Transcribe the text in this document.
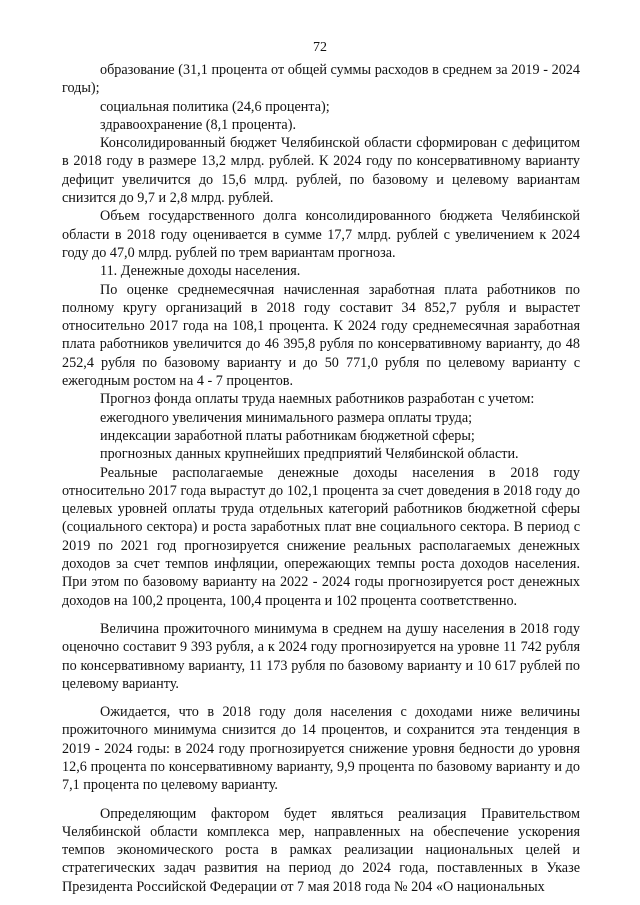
72

образование (31,1 процента от общей суммы расходов в среднем за 2019 - 2024 годы);

социальная политика (24,6 процента);

здравоохранение (8,1 процента).

Консолидированный бюджет Челябинской области сформирован с дефицитом в 2018 году в размере 13,2 млрд. рублей. К 2024 году по консервативному варианту дефицит увеличится до 15,6 млрд. рублей, по базовому и целевому вариантам снизится до 9,7 и 2,8 млрд. рублей.

Объем государственного долга консолидированного бюджета Челябинской области в 2018 году оценивается в сумме 17,7 млрд. рублей с увеличением к 2024 году до 47,0 млрд. рублей по трем вариантам прогноза.

11. Денежные доходы населения.

По оценке среднемесячная начисленная заработная плата работников по полному кругу организаций в 2018 году составит 34 852,7 рубля и вырастет относительно 2017 года на 108,1 процента. К 2024 году среднемесячная заработная плата работников увеличится до 46 395,8 рубля по консервативному варианту, до 48 252,4 рубля по базовому варианту и до 50 771,0 рубля по целевому варианту с ежегодным ростом на 4 - 7 процентов.

Прогноз фонда оплаты труда наемных работников разработан с учетом:

ежегодного увеличения минимального размера оплаты труда;

индексации заработной платы работникам бюджетной сферы;

прогнозных данных крупнейших предприятий Челябинской области.

Реальные располагаемые денежные доходы населения в 2018 году относительно 2017 года вырастут до 102,1 процента за счет доведения в 2018 году до целевых уровней оплаты труда отдельных категорий работников бюджетной сферы (социального сектора) и роста заработных плат вне социального сектора. В период с 2019 по 2021 год прогнозируется снижение реальных располагаемых денежных доходов за счет темпов инфляции, опережающих темпы роста доходов населения. При этом по базовому варианту на 2022 - 2024 годы прогнозируется рост денежных доходов на 100,2 процента, 100,4 процента и 102 процента соответственно.

Величина прожиточного минимума в среднем на душу населения в 2018 году оценочно составит 9 393 рубля, а к 2024 году прогнозируется на уровне 11 742 рубля по консервативному варианту, 11 173 рубля по базовому варианту и 10 617 рублей по целевому варианту.

Ожидается, что в 2018 году доля населения с доходами ниже величины прожиточного минимума снизится до 14 процентов, и сохранится эта тенденция в 2019 - 2024 годы: в 2024 году прогнозируется снижение уровня бедности до уровня 12,6 процента по консервативному варианту, 9,9 процента по базовому варианту и до 7,1 процента по целевому варианту.

Определяющим фактором будет являться реализация Правительством Челябинской области комплекса мер, направленных на обеспечение ускорения темпов экономического роста в рамках реализации национальных целей и стратегических задач развития на период до 2024 года, поставленных в Указе Президента Российской Федерации от 7 мая 2018 года № 204 «О национальных
